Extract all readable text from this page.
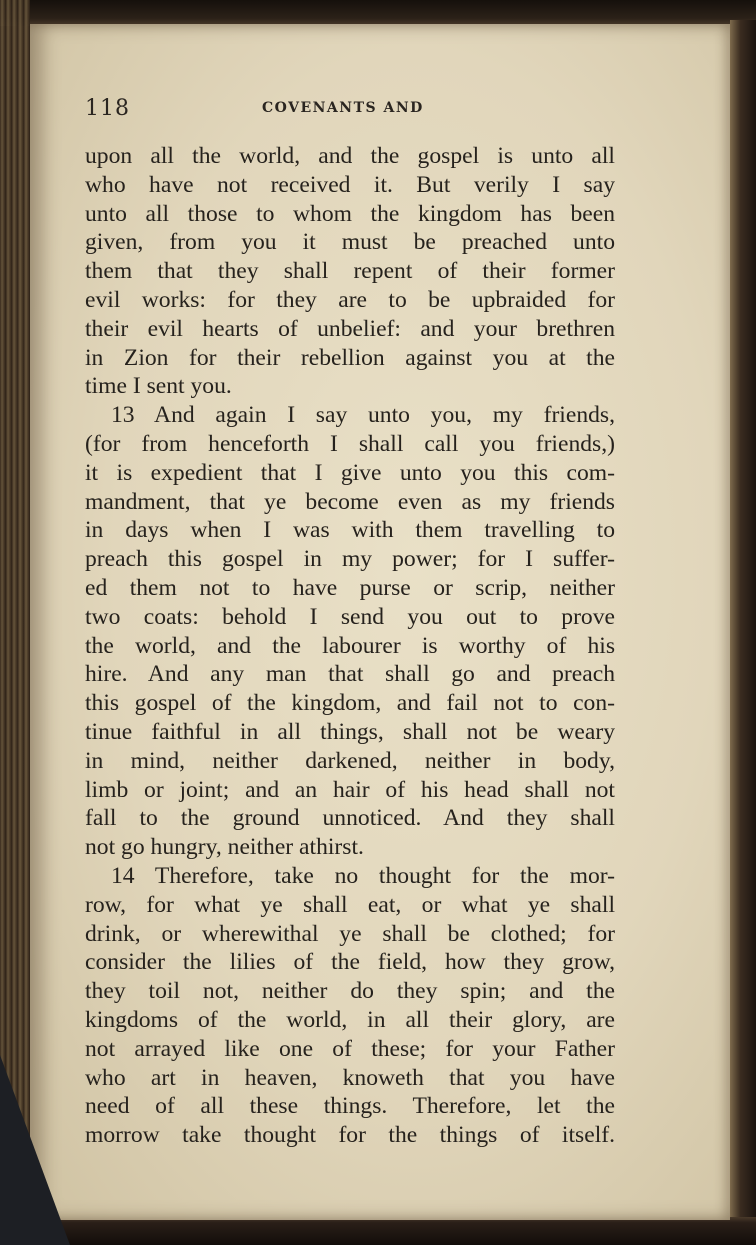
118	COVENANTS AND
upon all the world, and the gospel is unto all
who have not received it. But verily I say
unto all those to whom the kingdom has been
given, from you it must be preached unto
them that they shall repent of their former
evil works: for they are to be upbraided for
their evil hearts of unbelief: and your brethren
in Zion for their rebellion against you at the
time I sent you.
13 And again I say unto you, my friends,
(for from henceforth I shall call you friends,)
it is expedient that I give unto you this com-
mandment, that ye become even as my friends
in days when I was with them travelling to
preach this gospel in my power; for I suffer-
ed them not to have purse or scrip, neither
two coats: behold I send you out to prove
the world, and the labourer is worthy of his
hire. And any man that shall go and preach
this gospel of the kingdom, and fail not to con-
tinue faithful in all things, shall not be weary
in mind, neither darkened, neither in body,
limb or joint; and an hair of his head shall not
fall to the ground unnoticed. And they shall
not go hungry, neither athirst.
14 Therefore, take no thought for the mor-
row, for what ye shall eat, or what ye shall
drink, or wherewithal ye shall be clothed; for
consider the lilies of the field, how they grow,
they toil not, neither do they spin; and the
kingdoms of the world, in all their glory, are
not arrayed like one of these; for your Father
who art in heaven, knoweth that you have
need of all these things. Therefore, let the
morrow take thought for the things of itself.
